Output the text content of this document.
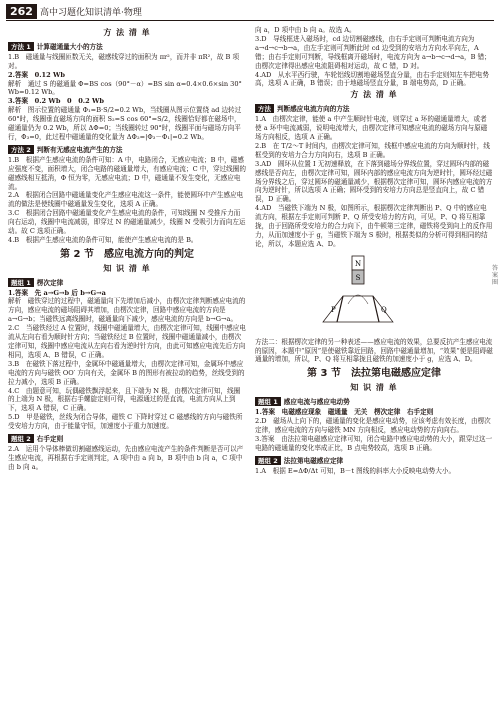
262 高中习题化知识清单·物理

方 法 清 单

方法 1 计算磁通量大小的方法

1.B　磁通量与线圈匝数无关，磁感线穿过的面积为 πr²，而并非 πR²，故 B 项对。

2.答案　0.12 Wb

解析　通过 S 的磁通量 Φ=BS cos（90°－α）=BS sin α=0.4×0.6×sin 30° Wb=0.12 Wb。

3.答案　0.2 Wb　0　0.2 Wb

解析　图示位置的磁通量 Φ₁=B·S/2=0.2 Wb，当线圈从图示位置绕 ad 边转过 60°时，线圈垂直磁场方向的面积 S₂=S cos 60°=S/2，线圈恰好都在磁场中，磁通量仍为 0.2 Wb，所以 ΔΦ=0；当线圈转过 90°时，线圈平面与磁场方向平行，Φ₃=0，此过程中磁通量的变化量为 ΔΦ₂=|Φ₃－Φ₁|=0.2 Wb。

方法 2 判断有无感应电流产生的方法

1.B　根据产生感应电流的条件可知：A 中，电路闭合，无感应电流；B 中，磁感应强度不变，面积增大，闭合电路的磁通量增大，有感应电流；C 中，穿过线圈的磁感线相互抵消，Φ 恒为零，无感应电流；D 中，磁通量不发生变化，无感应电流。

2.A　根据闭合回路中磁通量变化产生感应电流这一条件，能使圆环中产生感应电流的做法是使线圈中磁通量发生变化，选项 A 正确。

3.C　根据闭合回路中磁通量变化产生感应电流的条件，可知线圈 N 受推斥力而向右运动，线圈中电流减弱，即穿过 N 的磁通量减少，线圈 N 受吸引力而向左运动。故 C 选项正确。

4.B　根据产生感应电流的条件可知，能使产生感应电流的是 B。

第 2 节　感应电流方向的判定

知 识 清 单

题组 1 楞次定律

1.答案　先 a→G→b 后 b→G→a

解析　磁铁穿过的过程中，磁通量向下先增加后减小，由楞次定律判断感应电流的方向，感应电流的磁场阻碍其增加，由楞次定律，回路中感应电流的方向是 a→G→b；当磁铁远离线圈时，磁通量向下减少，感应电流的方向是 b→G→a。

2.C　当磁铁经过 A 位置时，线圈中磁通量增大，由楞次定律可知，线圈中感应电流从左向右看为顺时针方向；当磁铁经过 B 位置时，线圈中磁通量减小，由楞次定律可知，线圈中感应电流从左向右看为逆时针方向，由此可知感应电流先后方向相同，选项 A、B 错误，C 正确。

3.B　在磁铁下落过程中，金属环中磁通量增大，由楞次定律可知，金属环中感应电流的方向与磁铁 OO′ 方向有关，金属环 B 的图形有被拉动的趋势，丝线受到的拉力减小，选项 B 正确。

4.C　由题意可知，玩偶磁铁飘浮起来，且下端为 N 极，由楞次定律可知，线圈的上端为 N 极，根据右手螺旋定则可得，电源通过的是直流，电流方向从上到下，选项 A 错误，C 正确。

5.D　甲是磁铁，丝线为闭合导体，磁铁 C 下降时穿过 C 磁感线的方向与磁铁所受安培力方向，由于能量守恒，加速度小于重力加速度。

题组 2 右手定则

2.A　运用个导体棒做切割磁感线运动，先由感应电流产生的条件判断是否可以产生感应电流，再根据右手定则判定，A 项中由 a 向 b，B 项中由 b 向 a，C 项中由 b 向 a。

向 a，D 项中由 b 向 a。故选 A。

3.D　导线框进入磁场时，cd 边切割磁感线，由右手定则可判断电流方向为 a→d→c→b→a，由左手定则可判断此时 cd 边受到的安培力方向水平向左，A 错；由右手定则可判断，导线框离开磁场时，电流方向为 a→b→c→d→a，B 错；由楞次定律得出感应电流阻碍相对运动，故 C 错，D 对。

4.AD　从水平西行驶，车轮铝线切割地磁场竖直分量，由右手定则知左车把电势高，选项 A 正确，B 错误；由于地磁场竖直分量，B 端电势高，D 正确。

方 法 清 单

方法 判断感应电流方向的方法

1.A　由楞次定律，能使 a 中产生顺时针电流，则穿过 a 环的磁通量增大，或者使 a 环中电流减弱，说明电流增大，由楞次定律可知感应电流的磁场方向与原磁场方向相反，选项 A 正确。

2.B　在 T/2～T 时间内，由楞次定律可知，线框中感应电流的方向为顺时针，线框受到的安培力合力方向向右，选项 B 正确。

3.AD　圆环从位置 Ⅰ 无初速释放，在下落到磁场分界线位置，穿过圆环内部的磁感线是否向左，由楞次定律可知，圆环内部的感应电流方向为逆时针，圆环经过磁场分界线之后，穿过圆环的磁通量减少，根据楞次定律可知，圆环内感应电流的方向为逆时针，所以选项 A 正确；圆环受到的安培力方向总是竖直向上，故 C 错误，D 正确。

4.AD　当磁铁下端为 N 极，如图所示，根据楞次定律判断出 P、Q 中的感应电流方向，根据左手定则可判断 P、Q 所受安培力的方向，可见，P、Q 将互相靠拢，由于回路所受安培力的合力向下，由牛顿第三定律，磁铁将受到向上的反作用力，从而加速度小于 g，当磁铁下端为 S 极时，根据类似的分析可得到相同的结论，所以，本题应选 A、D。

N
S
P	Q

方法二：根据楞次定律的另一种表述——感应电流的效果，总要反抗产生感应电流的原因，本题中“原因”是使磁铁靠近回路，回路中磁通量增加，“效果”便是阻碍磁通量的增加，所以，P、Q 将互相靠拢且磁铁的加速度小于 g，应选 A、D。

第 3 节　法拉第电磁感应定律

知 识 清 单

题组 1 感应电流与感应电动势

1.答案　电磁感应现象　磁通量　无关　楞次定律　右手定则

2.D　磁场从上向下的，磁通量的变化是感应电动势，应该考虑有效长度，由楞次定律，感应电流的方向与磁铁 MN 方向相反，感应电动势的方向向右。

3.答案　由法拉第电磁感应定律可知，闭合电路中感应电动势的大小，跟穿过这一电路的磁通量的变化率成正比，B 点电势较高，选项 B 正确。

题组 2 法拉第电磁感应定律

1.A　根据 E=ΔΦ/Δt 可知，B－t 图线的斜率大小反映电动势大小。

答案圈
